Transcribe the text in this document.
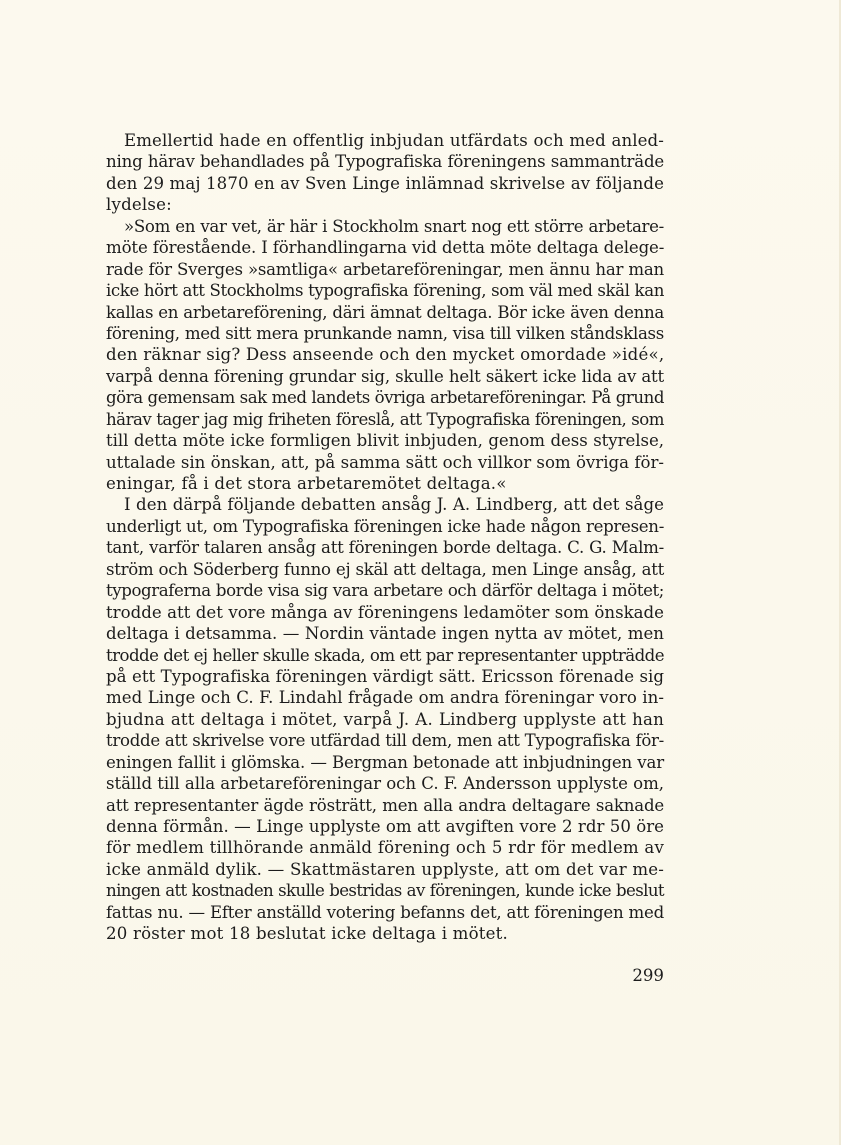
Emellertid hade en offentlig inbjudan utfärdats och med anled-
ning härav behandlades på Typografiska föreningens sammanträde
den 29 maj 1870 en av Sven Linge inlämnad skrivelse av följande
lydelse:
»Som en var vet, är här i Stockholm snart nog ett större arbetare-
möte förestående. I förhandlingarna vid detta möte deltaga delege-
rade för Sverges »samtliga« arbetareföreningar, men ännu har man
icke hört att Stockholms typografiska förening, som väl med skäl kan
kallas en arbetareförening, däri ämnat deltaga. Bör icke även denna
förening, med sitt mera prunkande namn, visa till vilken ståndsklass
den räknar sig? Dess anseende och den mycket omordade »idé«,
varpå denna förening grundar sig, skulle helt säkert icke lida av att
göra gemensam sak med landets övriga arbetareföreningar. På grund
härav tager jag mig friheten föreslå, att Typografiska föreningen, som
till detta möte icke formligen blivit inbjuden, genom dess styrelse,
uttalade sin önskan, att, på samma sätt och villkor som övriga för-
eningar, få i det stora arbetaremötet deltaga.«
I den därpå följande debatten ansåg J. A. Lindberg, att det såge
underligt ut, om Typografiska föreningen icke hade någon represen-
tant, varför talaren ansåg att föreningen borde deltaga. C. G. Malm-
ström och Söderberg funno ej skäl att deltaga, men Linge ansåg, att
typograferna borde visa sig vara arbetare och därför deltaga i mötet;
trodde att det vore många av föreningens ledamöter som önskade
deltaga i detsamma. — Nordin väntade ingen nytta av mötet, men
trodde det ej heller skulle skada, om ett par representanter uppträdde
på ett Typografiska föreningen värdigt sätt. Ericsson förenade sig
med Linge och C. F. Lindahl frågade om andra föreningar voro in-
bjudna att deltaga i mötet, varpå J. A. Lindberg upplyste att han
trodde att skrivelse vore utfärdad till dem, men att Typografiska för-
eningen fallit i glömska. — Bergman betonade att inbjudningen var
ställd till alla arbetareföreningar och C. F. Andersson upplyste om,
att representanter ägde rösträtt, men alla andra deltagare saknade
denna förmån. — Linge upplyste om att avgiften vore 2 rdr 50 öre
för medlem tillhörande anmäld förening och 5 rdr för medlem av
icke anmäld dylik. — Skattmästaren upplyste, att om det var me-
ningen att kostnaden skulle bestridas av föreningen, kunde icke beslut
fattas nu. — Efter anställd votering befanns det, att föreningen med
20 röster mot 18 beslutat icke deltaga i mötet.
299
